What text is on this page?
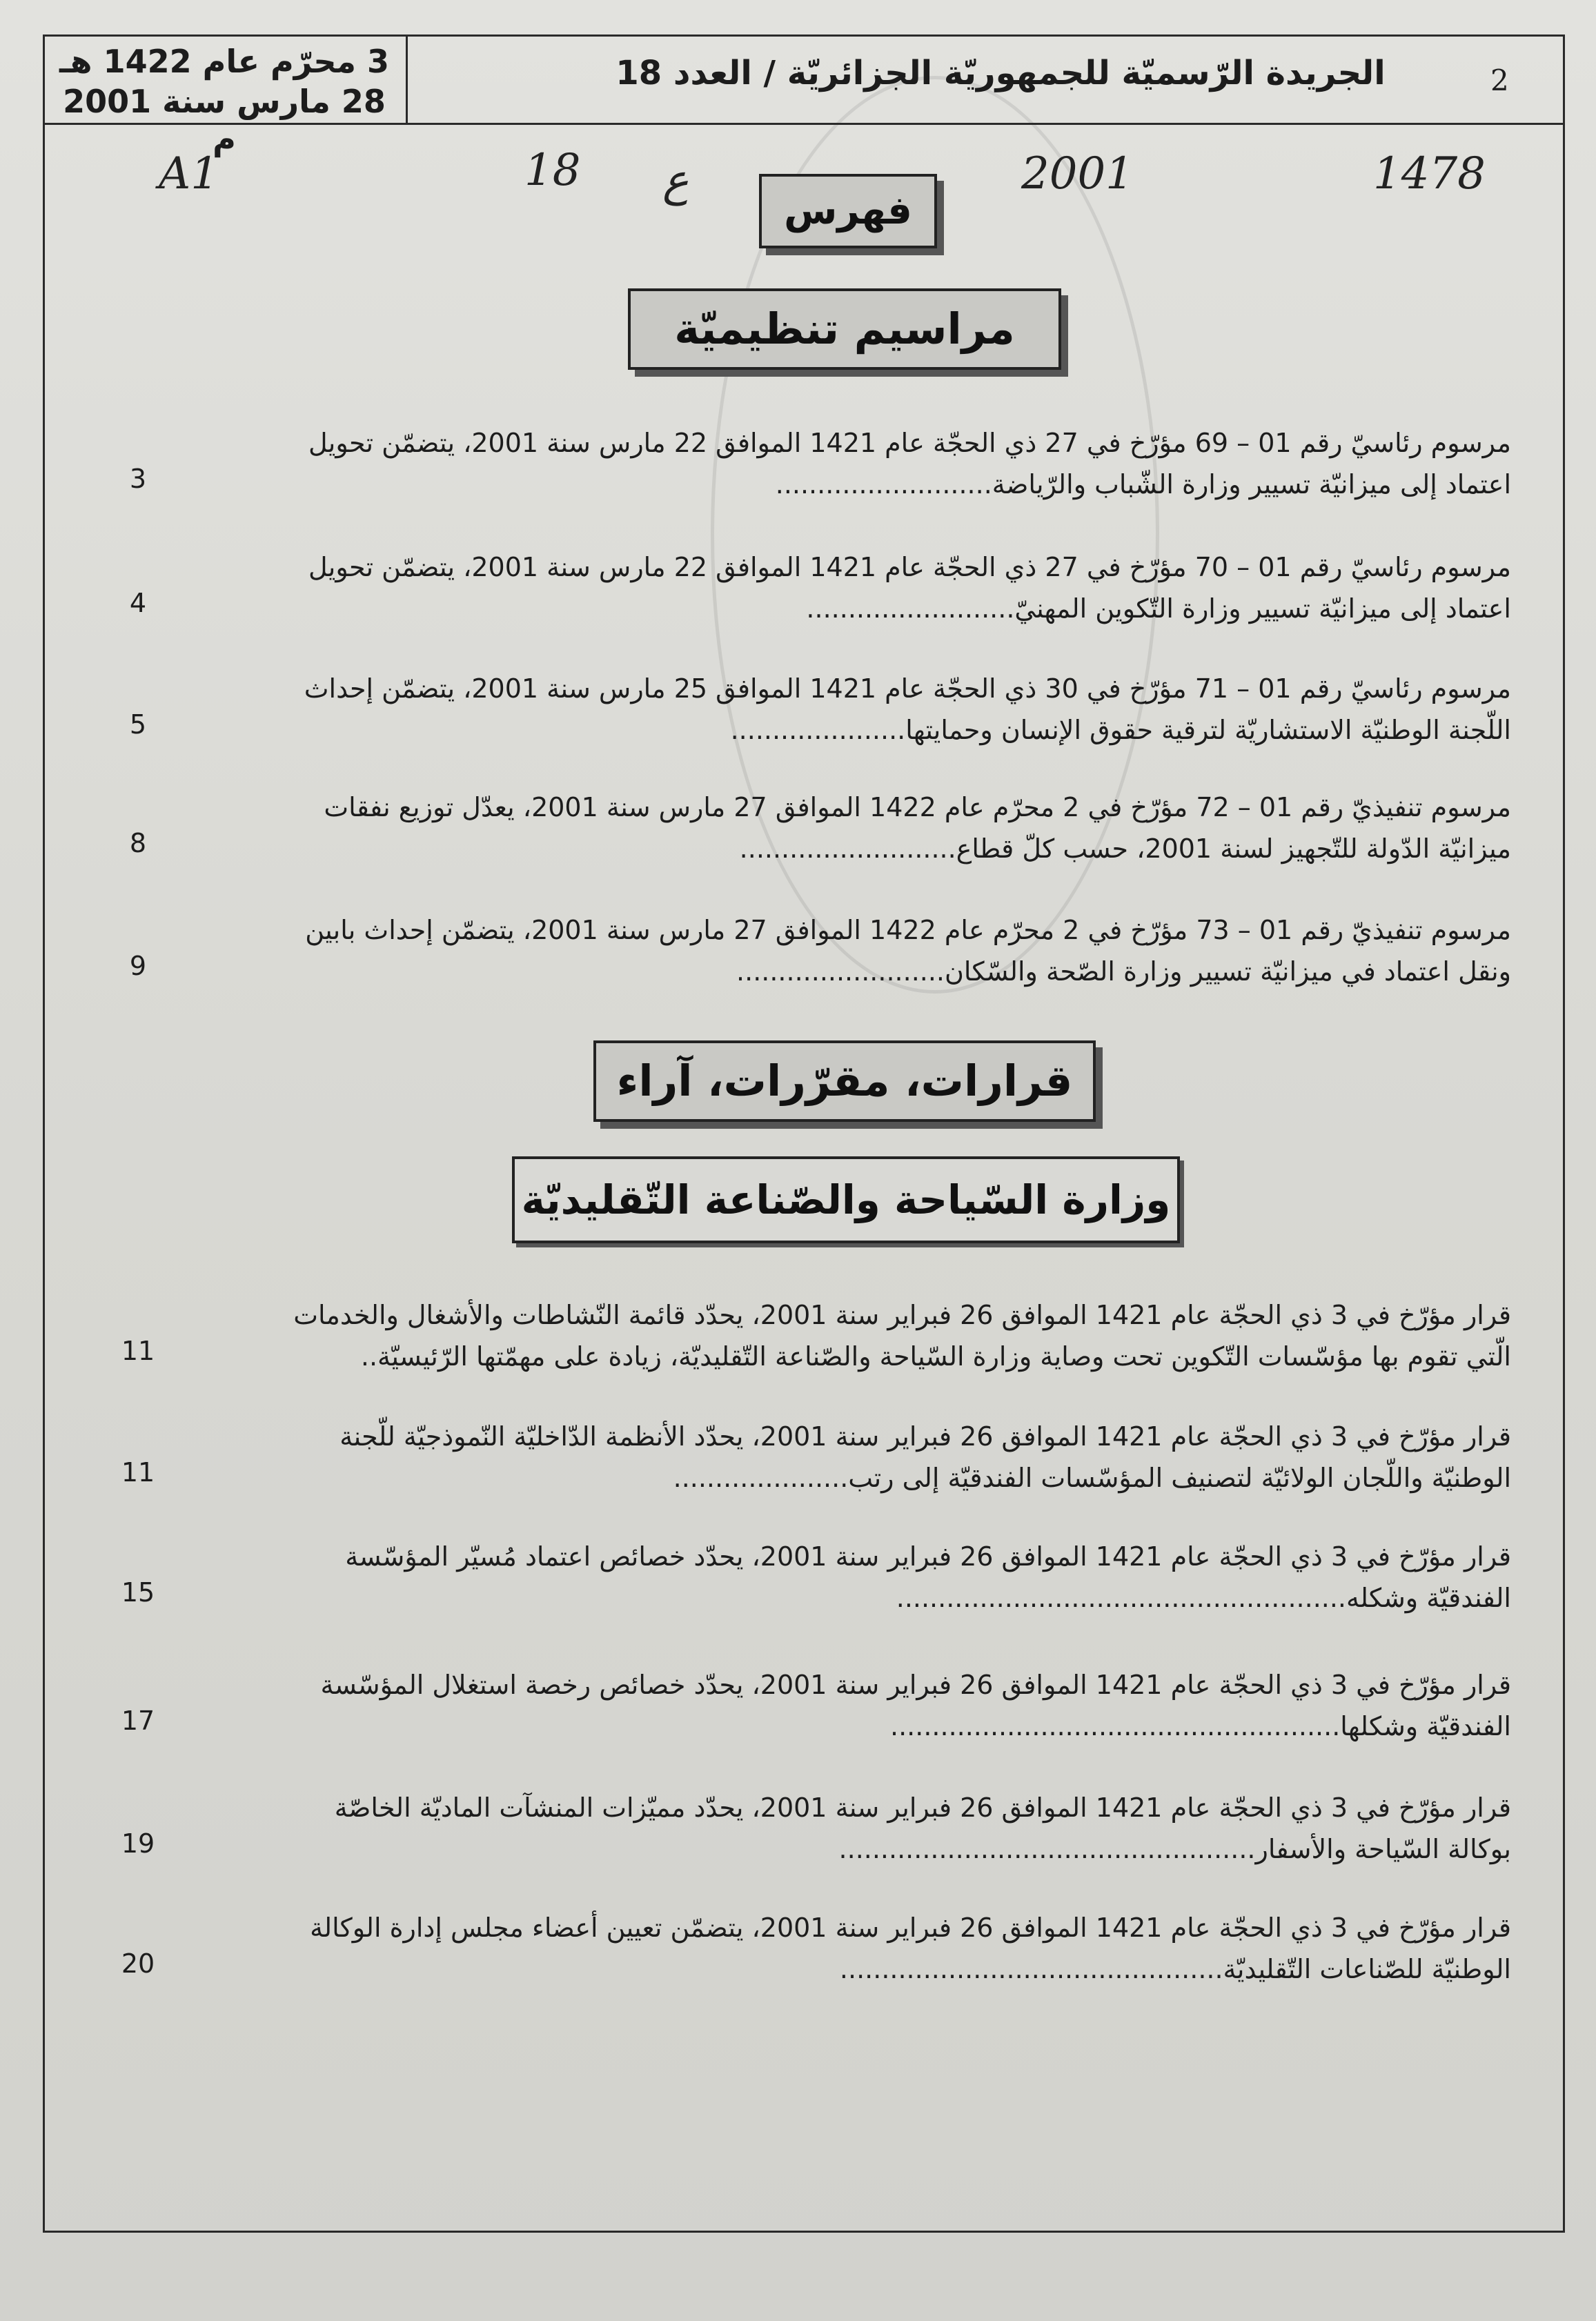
3 محرّم عام 1422 هـ
28 مارس سنة 2001 م
الجريدة الرّسميّة للجمهوريّة الجزائريّة / العدد 18	2
A1	18 ع	2001	1478
فهرس
مراسيم تنظيميّة
مرسوم رئاسيّ رقم 01 – 69 مؤرّخ في 27 ذي الحجّة عام 1421 الموافق 22 مارس سنة 2001، يتضمّن تحويل
اعتماد إلى ميزانيّة تسيير وزارة الشّباب والرّياضة..........................
3
مرسوم رئاسيّ رقم 01 – 70 مؤرّخ في 27 ذي الحجّة عام 1421 الموافق 22 مارس سنة 2001، يتضمّن تحويل
اعتماد إلى ميزانيّة تسيير وزارة التّكوين المهنيّ.........................
4
مرسوم رئاسيّ رقم 01 – 71 مؤرّخ في 30 ذي الحجّة عام 1421 الموافق 25 مارس سنة 2001، يتضمّن إحداث
اللّجنة الوطنيّة الاستشاريّة لترقية حقوق الإنسان وحمايتها.....................
5
مرسوم تنفيذيّ رقم 01 – 72 مؤرّخ في 2 محرّم عام 1422 الموافق 27 مارس سنة 2001، يعدّل توزيع نفقات
ميزانيّة الدّولة للتّجهيز لسنة 2001، حسب كلّ قطاع..........................
8
مرسوم تنفيذيّ رقم 01 – 73 مؤرّخ في 2 محرّم عام 1422 الموافق 27 مارس سنة 2001، يتضمّن إحداث بابين
ونقل اعتماد في ميزانيّة تسيير وزارة الصّحة والسّكان.........................
9
قرارات، مقرّرات، آراء
وزارة السّياحة والصّناعة التّقليديّة
قرار مؤرّخ في 3 ذي الحجّة عام 1421 الموافق 26 فبراير سنة 2001، يحدّد قائمة النّشاطات والأشغال والخدمات
الّتي تقوم بها مؤسّسات التّكوين تحت وصاية وزارة السّياحة والصّناعة التّقليديّة، زيادة على مهمّتها الرّئيسيّة..
11
قرار مؤرّخ في 3 ذي الحجّة عام 1421 الموافق 26 فبراير سنة 2001، يحدّد الأنظمة الدّاخليّة النّموذجيّة للّجنة
الوطنيّة واللّجان الولائيّة لتصنيف المؤسّسات الفندقيّة إلى رتب.....................
11
قرار مؤرّخ في 3 ذي الحجّة عام 1421 الموافق 26 فبراير سنة 2001، يحدّد خصائص اعتماد مُسيّر المؤسّسة
الفندقيّة وشكله......................................................
15
قرار مؤرّخ في 3 ذي الحجّة عام 1421 الموافق 26 فبراير سنة 2001، يحدّد خصائص رخصة استغلال المؤسّسة
الفندقيّة وشكلها......................................................
17
قرار مؤرّخ في 3 ذي الحجّة عام 1421 الموافق 26 فبراير سنة 2001، يحدّد مميّزات المنشآت الماديّة الخاصّة
بوكالة السّياحة والأسفار..................................................
19
قرار مؤرّخ في 3 ذي الحجّة عام 1421 الموافق 26 فبراير سنة 2001، يتضمّن تعيين أعضاء مجلس إدارة الوكالة
الوطنيّة للصّناعات التّقليديّة..............................................
20
